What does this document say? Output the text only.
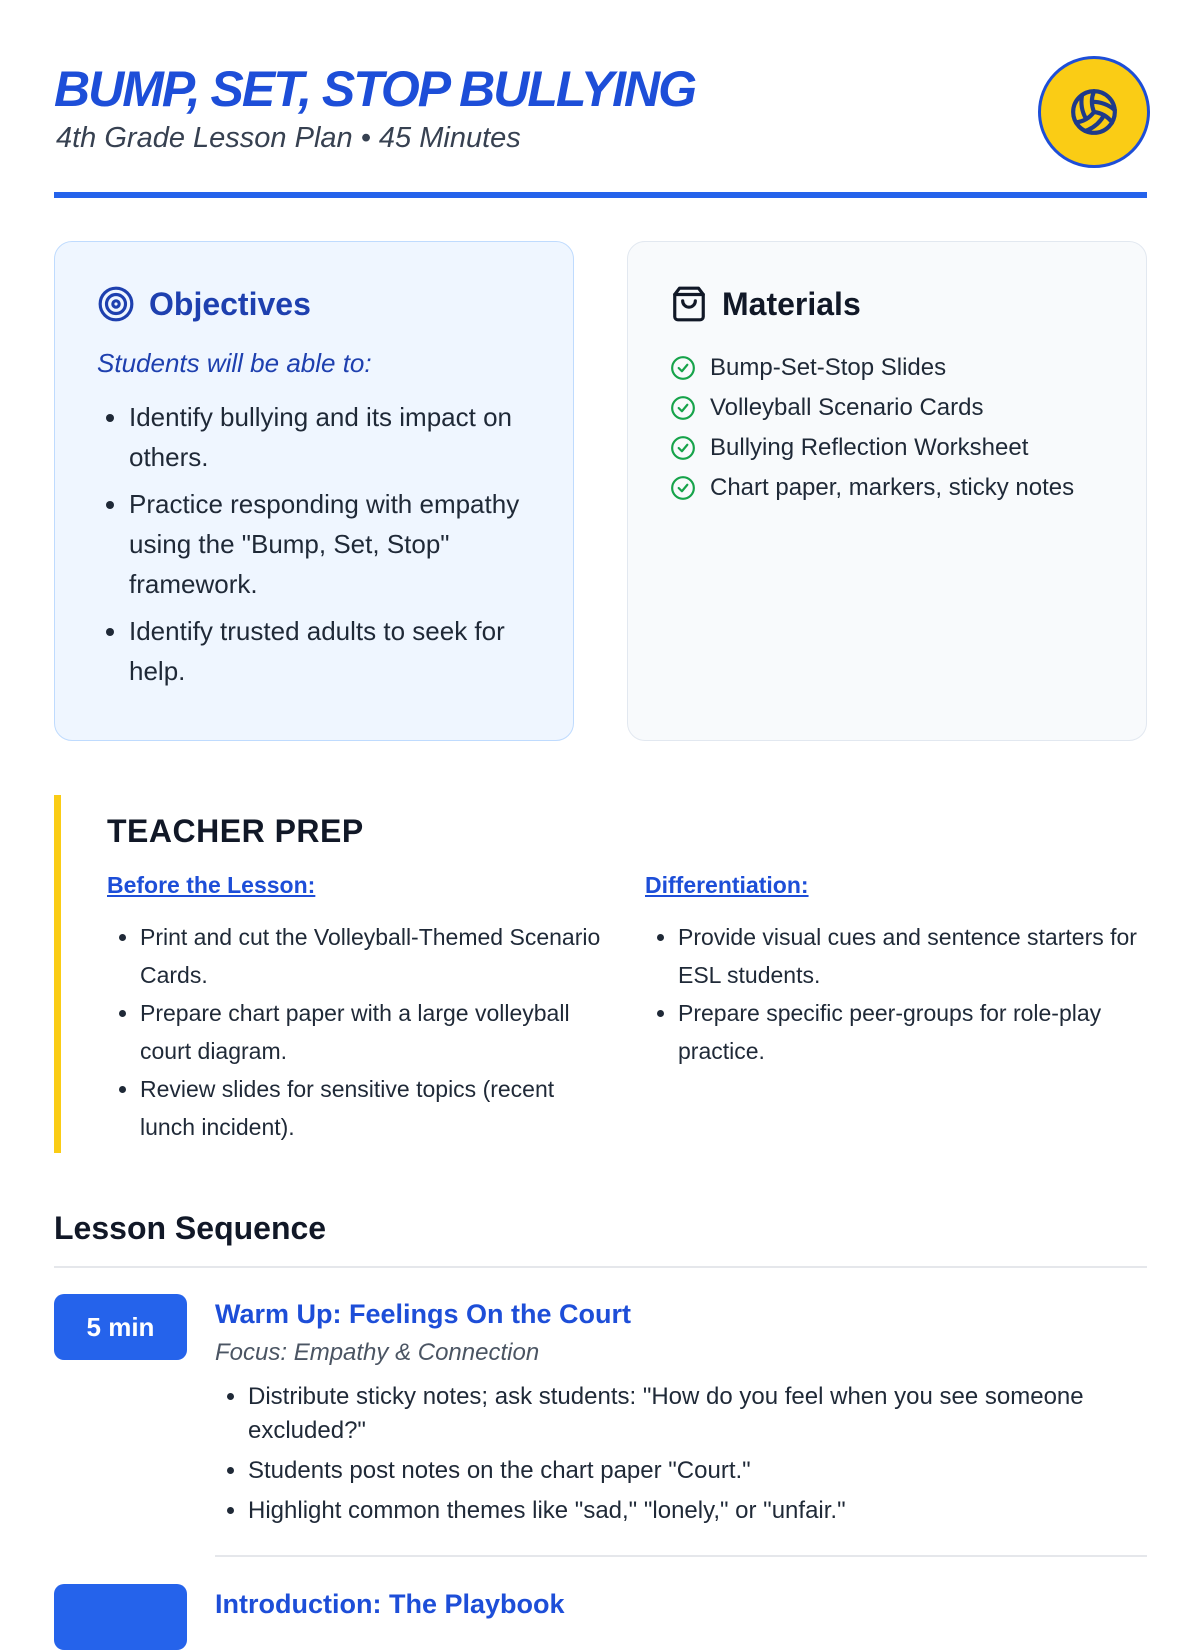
BUMP, SET, STOP BULLYING
4th Grade Lesson Plan • 45 Minutes
Objectives
Students will be able to:
• Identify bullying and its impact on others.
• Practice responding with empathy using the "Bump, Set, Stop" framework.
• Identify trusted adults to seek for help.
Materials
Bump-Set-Stop Slides
Volleyball Scenario Cards
Bullying Reflection Worksheet
Chart paper, markers, sticky notes
TEACHER PREP
Before the Lesson:
• Print and cut the Volleyball-Themed Scenario Cards.
• Prepare chart paper with a large volleyball court diagram.
• Review slides for sensitive topics (recent lunch incident).
Differentiation:
• Provide visual cues and sentence starters for ESL students.
• Prepare specific peer-groups for role-play practice.
Lesson Sequence
5 min	Warm Up: Feelings On the Court
Focus: Empathy & Connection
• Distribute sticky notes; ask students: "How do you feel when you see someone excluded?"
• Students post notes on the chart paper "Court."
• Highlight common themes like "sad," "lonely," or "unfair."
Introduction: The Playbook
